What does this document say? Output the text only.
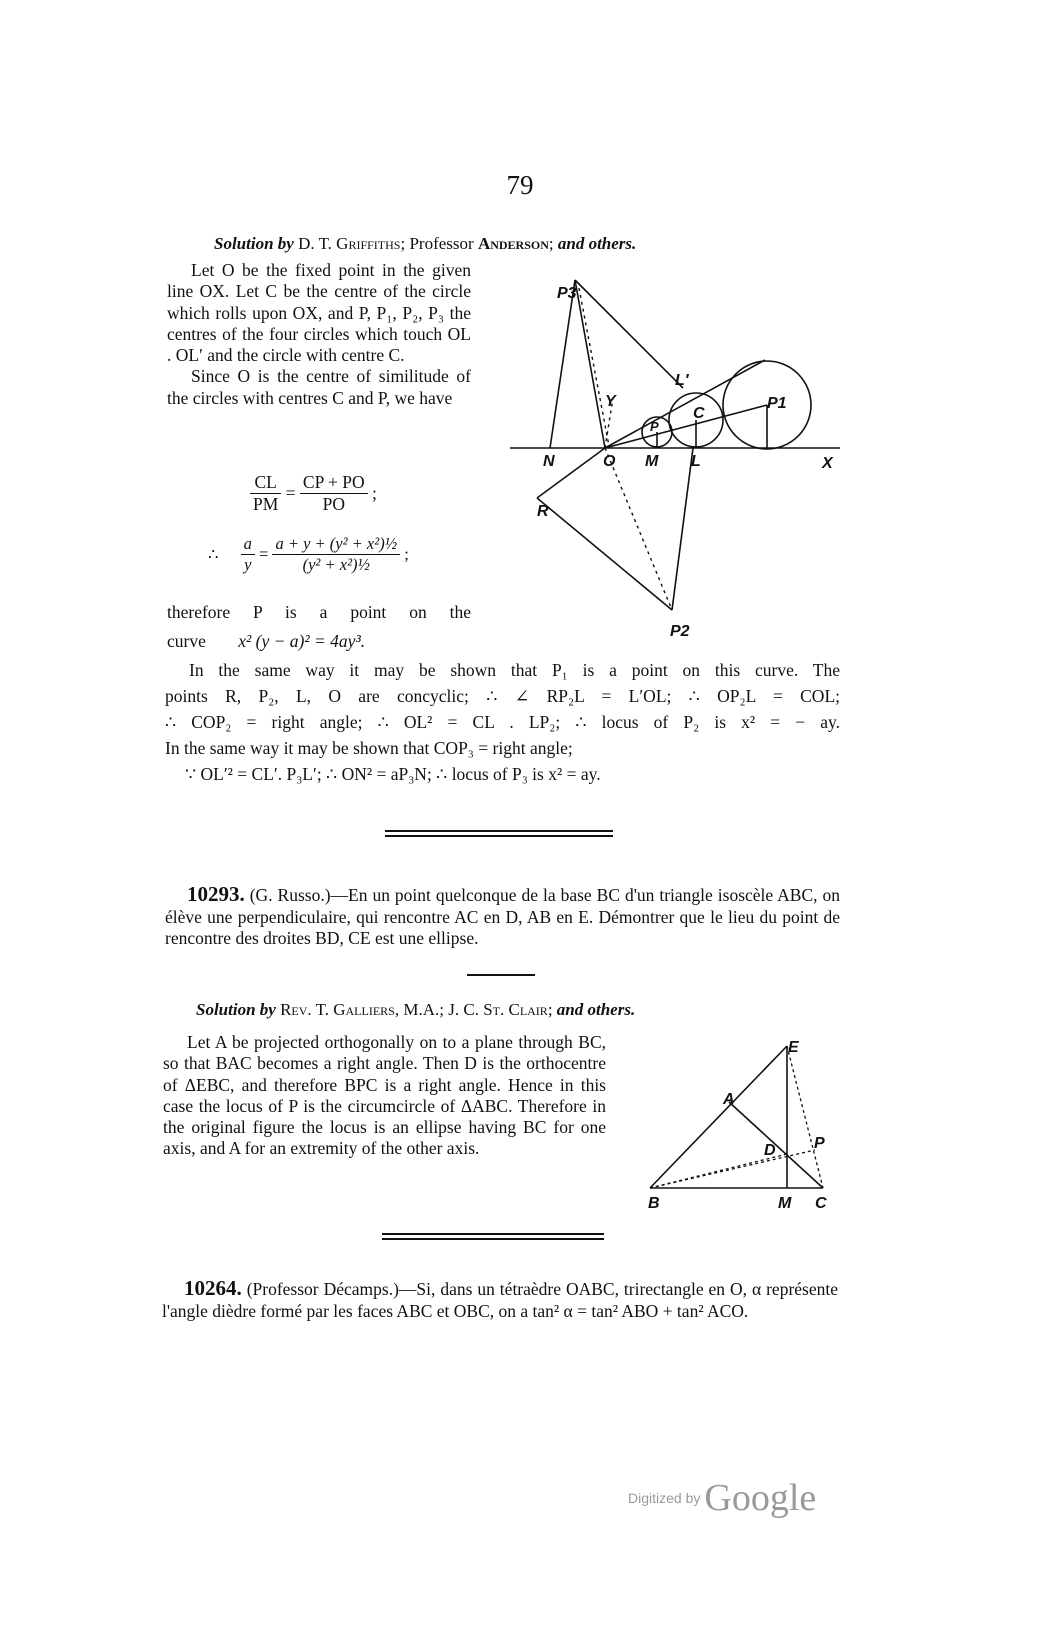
79
Solution by D. T. Griffiths; Professor Anderson; and others.

Let O be the fixed point in the given line OX. Let C be the centre of the circle which rolls upon OX, and P, P₁, P₂, P₃ the centres of the four circles which touch OL . OL′ and the circle with centre C.

Since O is the centre of similitude of the circles with centres C and P, we have

$\frac{CL}{PM} = \frac{CP + PO}{PO}$ ;
∴ $\frac{a}{y} = \frac{\text{a + y + (y² + x²)½}}{\text{(y² + x²)½}}$ ;

therefore P is a point on the

curve x² (y − a)² = 4ay³.

P3
Y
L′
C
P
P1
N	O M L	X
R
P2

In the same way it may be shown that P₁ is a point on this curve. The

points R, P₂, L, O are concyclic; ∴ ∠ RP₂L = L′OL; ∴ OP₂L = COL;

∴ COP₂ = right angle; ∴ OL² = CL . LP₂; ∴ locus of P₂ is x² = − ay.

In the same way it may be shown that COP₃ = right angle;

∵ OL′² = CL′. P₃L′; ∴ ON² = aP₃N; ∴ locus of P₃ is x² = ay.

10293. (G. Russo.)—En un point quelconque de la base BC d'un triangle isoscèle ABC, on élève une perpendiculaire, qui rencontre AC en D, AB en E. Démontrer que le lieu du point de rencontre des droites BD, CE est une ellipse.

Solution by Rev. T. Galliers, M.A.; J. C. St. Clair; and others.

Let A be projected orthogonally on to a plane through BC, so that BAC becomes a right angle. Then D is the orthocentre of ΔEBC, and therefore BPC is a right angle. Hence in this case the locus of P is the circumcircle of ΔABC. Therefore in the original figure the locus is an ellipse having BC for one axis, and A for an extremity of the other axis.

E
A
D P
B	M C

10264. (Professor Décamps.)—Si, dans un tétraèdre OABC, trirectangle en O, α représente l'angle dièdre formé par les faces ABC et OBC, on a tan² α = tan² ABO + tan² ACO.

Digitized by Google
